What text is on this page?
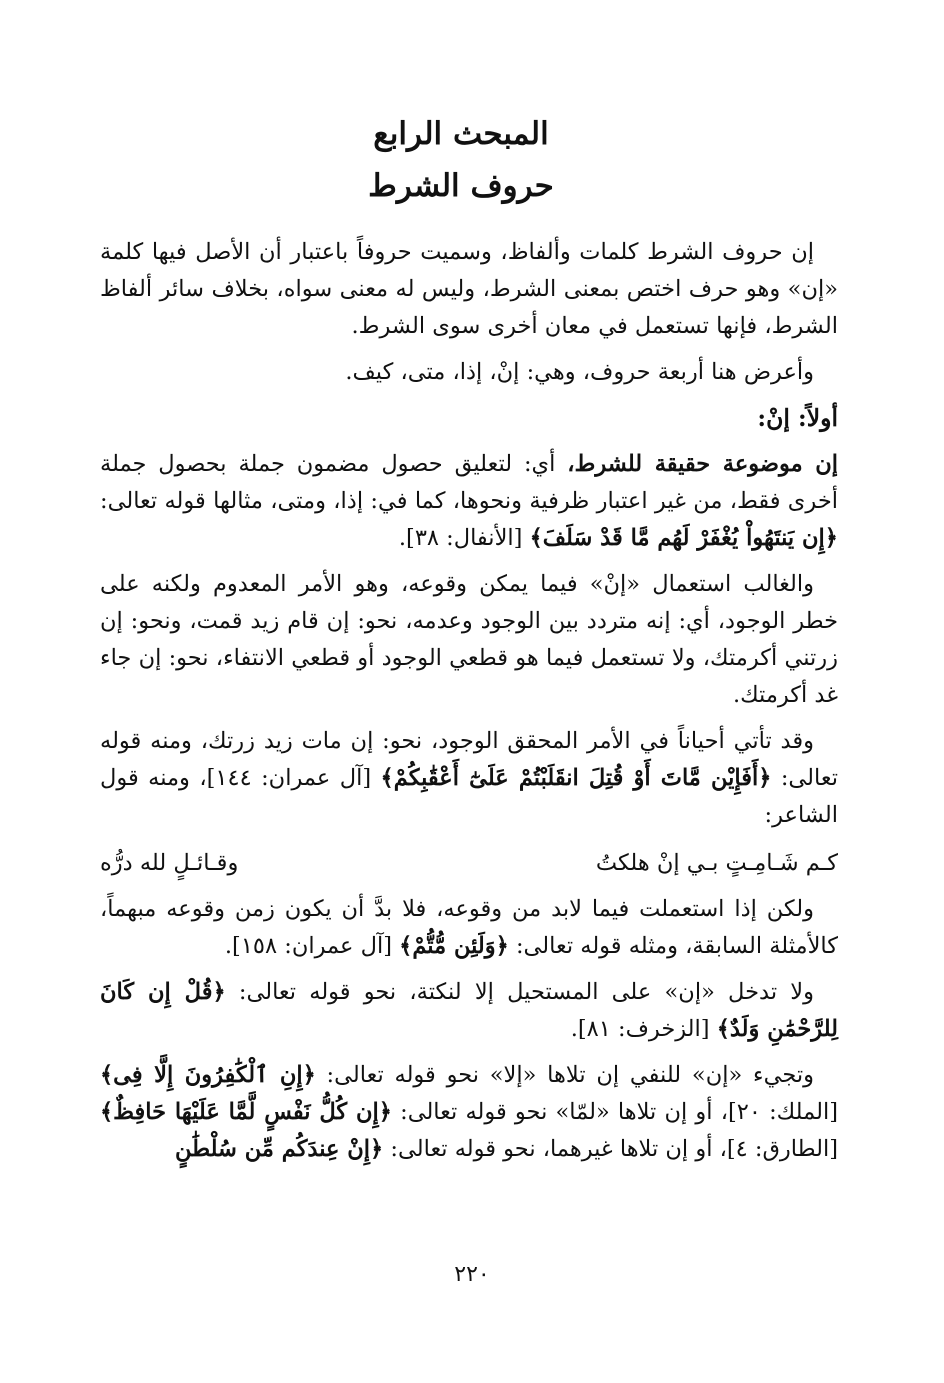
المبحث الرابع
حروف الشرط

إن حروف الشرط كلمات وألفاظ، وسميت حروفاً باعتبار أن الأصل فيها كلمة «إن» وهو حرف اختص بمعنى الشرط، وليس له معنى سواه، بخلاف سائر ألفاظ الشرط، فإنها تستعمل في معان أخرى سوى الشرط.

وأعرض هنا أربعة حروف، وهي: إنْ، إذا، متى، كيف.

أولاً: إنْ:

إن موضوعة حقيقة للشرط، أي: لتعليق حصول مضمون جملة بحصول جملة أخرى فقط، من غير اعتبار ظرفية ونحوها، كما في: إذا، ومتى، مثالها قوله تعالى: ﴿إِن يَنتَهُواْ يُغْفَرْ لَهُم مَّا قَدْ سَلَفَ﴾ [الأنفال: ٣٨].

والغالب استعمال «إنْ» فيما يمكن وقوعه، وهو الأمر المعدوم ولكنه على خطر الوجود، أي: إنه متردد بين الوجود وعدمه، نحو: إن قام زيد قمت، ونحو: إن زرتني أكرمتك، ولا تستعمل فيما هو قطعي الوجود أو قطعي الانتفاء، نحو: إن جاء غد أكرمتك.

وقد تأتي أحياناً في الأمر المحقق الوجود، نحو: إن مات زيد زرتك، ومنه قوله تعالى: ﴿أَفَإِيْن مَّاتَ أَوْ قُتِلَ انقَلَبْتُمْ عَلَىٰٓ أَعْقَٰبِكُمْ﴾ [آل عمران: ١٤٤]، ومنه قول الشاعر:

كـم شَـامِـتٍ بـي إنْ هلكتُ
وقـائـلٍ لله درُّه

ولكن إذا استعملت فيما لابد من وقوعه، فلا بدَّ أن يكون زمن وقوعه مبهماً، كالأمثلة السابقة، ومثله قوله تعالى: ﴿وَلَئِن مُّتُّمْ﴾ [آل عمران: ١٥٨].

ولا تدخل «إن» على المستحيل إلا لنكتة، نحو قوله تعالى: ﴿قُلْ إِن كَانَ لِلرَّحْمَٰنِ وَلَدٌ﴾ [الزخرف: ٨١].

وتجيء «إن» للنفي إن تلاها «إلا» نحو قوله تعالى: ﴿إِنِ ٱلْكَٰفِرُونَ إِلَّا فِى﴾ [الملك: ٢٠]، أو إن تلاها «لمّا» نحو قوله تعالى: ﴿إِن كُلُّ نَفْسٍ لَّمَّا عَلَيْهَا حَافِظٌ﴾ [الطارق: ٤]، أو إن تلاها غيرهما، نحو قوله تعالى: ﴿إِنْ عِندَكُم مِّن سُلْطَٰنٍ

٢٢٠
